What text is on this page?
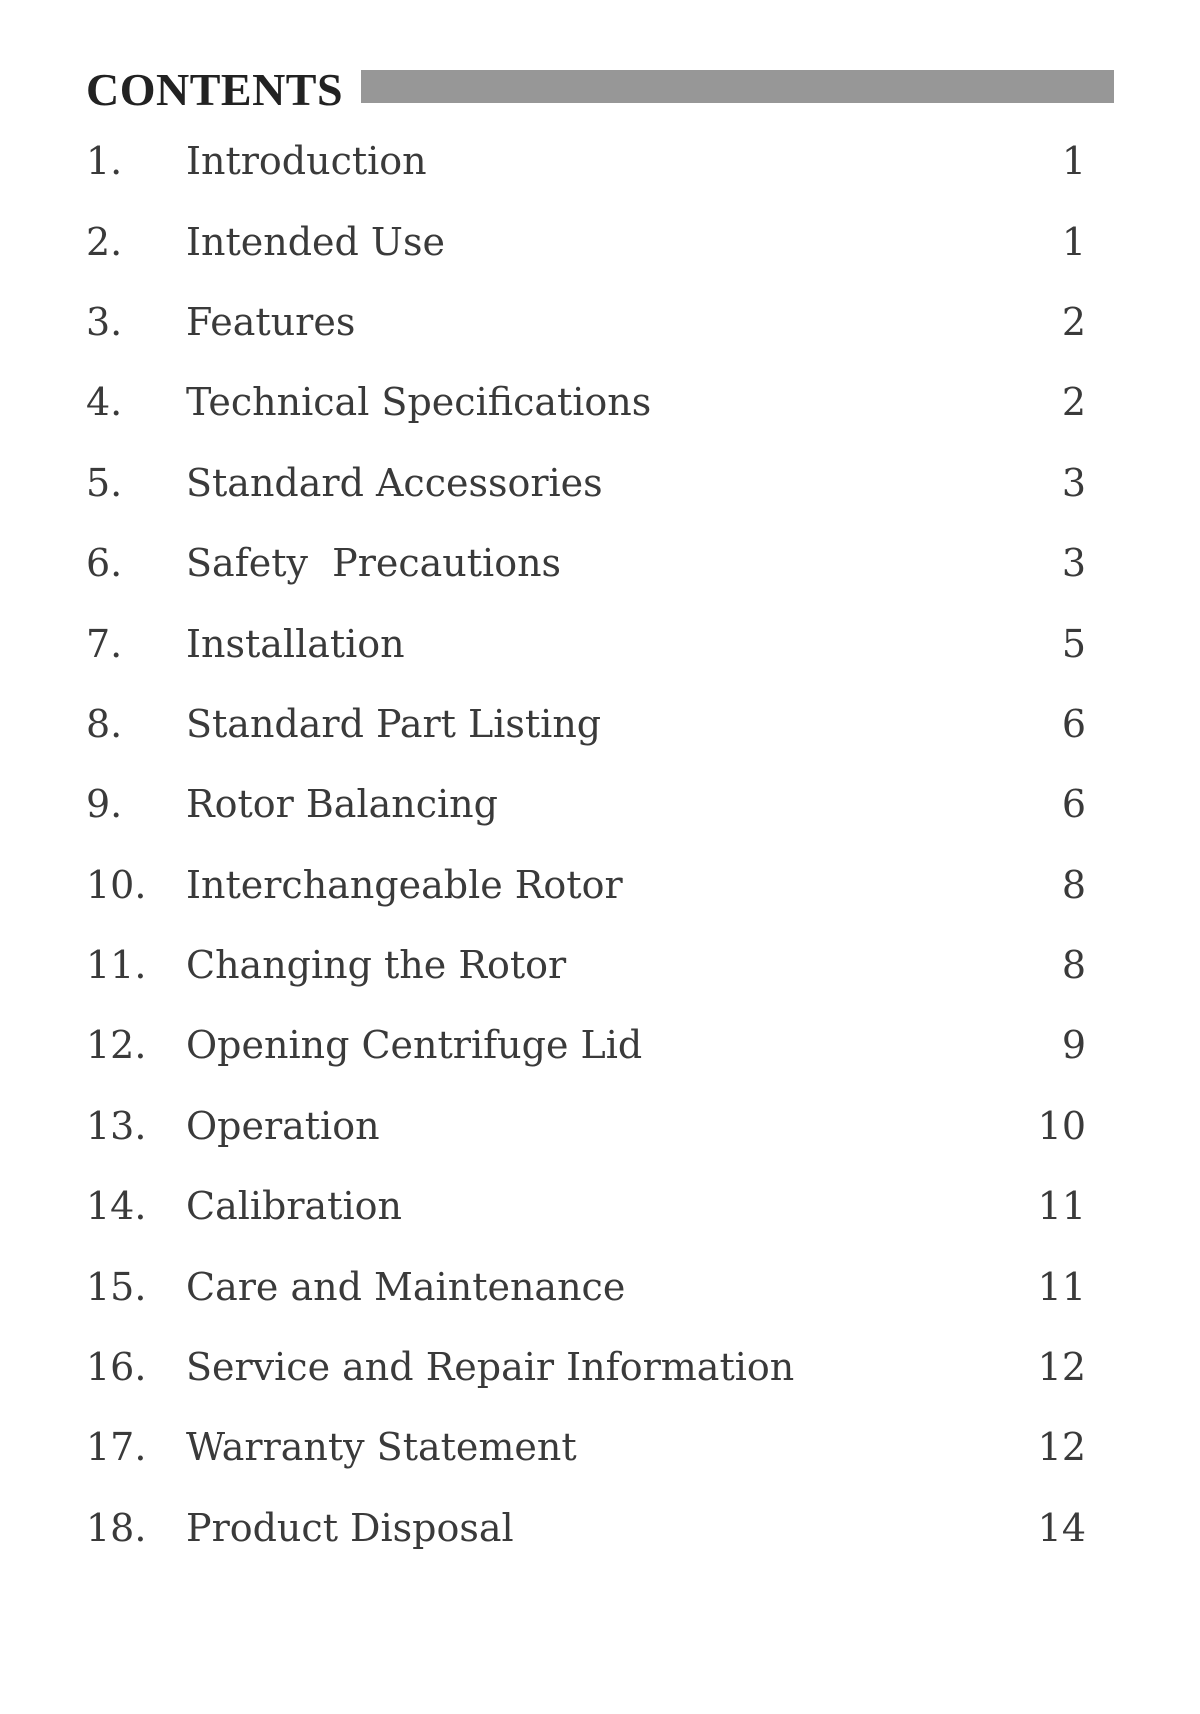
CONTENTS
1.	Introduction	1
2.	Intended Use	1
3.	Features	2
4.	Technical Specifications	2
5.	Standard Accessories	3
6.	Safety  Precautions	3
7.	Installation	5
8.	Standard Part Listing	6
9.	Rotor Balancing	6
10.	Interchangeable Rotor	8
11.	Changing the Rotor	8
12.	Opening Centrifuge Lid	9
13.	Operation	10
14.	Calibration	11
15.	Care and Maintenance	11
16.	Service and Repair Information	12
17.	Warranty Statement	12
18.	Product Disposal	14
